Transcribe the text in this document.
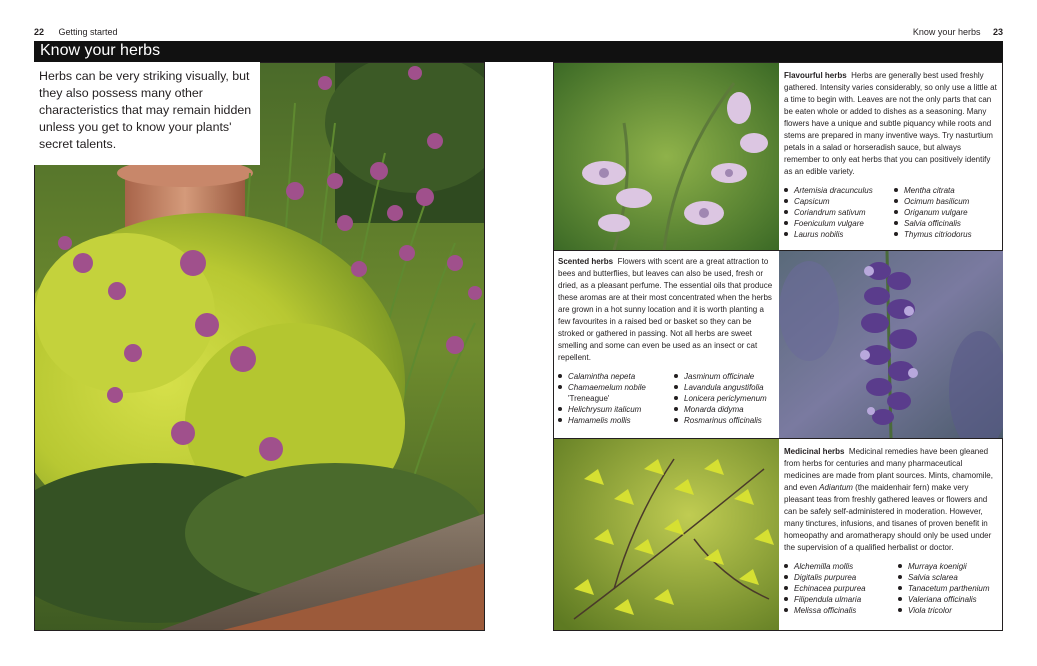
22 Getting started	Know your herbs 23
Know your herbs
Herbs can be very striking visually, but they also possess many other characteristics that may remain hidden unless you get to know your plants' secret talents.

Flavourful herbs Herbs are generally best used freshly gathered. Intensity varies considerably, so only use a little at a time to begin with. Leaves are not the only parts that can be eaten whole or added to dishes as a seasoning. Many flowers have a unique and subtle piquancy while roots and stems are prepared in many inventive ways. Try nasturtium petals in a salad or horseradish sauce, but always remember to only eat herbs that you can positively identify as an edible variety.

Artemisia dracunculus
Capsicum
Coriandrum sativum
Foeniculum vulgare
Laurus nobilis
Mentha citrata
Ocimum basilicum
Origanum vulgare
Salvia officinalis
Thymus citriodorus

Scented herbs Flowers with scent are a great attraction to bees and butterflies, but leaves can also be used, fresh or dried, as a pleasant perfume. The essential oils that produce these aromas are at their most concentrated when the herbs are grown in a hot sunny location and it is worth planting a few favourites in a raised bed or basket so they can be stroked or gathered in passing. Not all herbs are sweet smelling and some can even be used as an insect or cat repellent.

Calamintha nepeta
Chamaemelum nobile
'Treneague'
Helichrysum italicum
Hamamelis mollis
Jasminum officinale
Lavandula angustifolia
Lonicera periclymenum
Monarda didyma
Rosmarinus officinalis

Medicinal herbs Medicinal remedies have been gleaned from herbs for centuries and many pharmaceutical medicines are made from plant sources. Mints, chamomile, and even Adiantum (the maidenhair fern) make very pleasant teas from freshly gathered leaves or flowers and can be safely self-administered in moderation. However, many tinctures, infusions, and tisanes of proven benefit in homeopathy and aromatherapy should only be used under the supervision of a qualified herbalist or doctor.

Alchemilla mollis
Digitalis purpurea
Echinacea purpurea
Filipendula ulmaria
Melissa officinalis
Murraya koenigii
Salvia sclarea
Tanacetum parthenium
Valeriana officinalis
Viola tricolor
